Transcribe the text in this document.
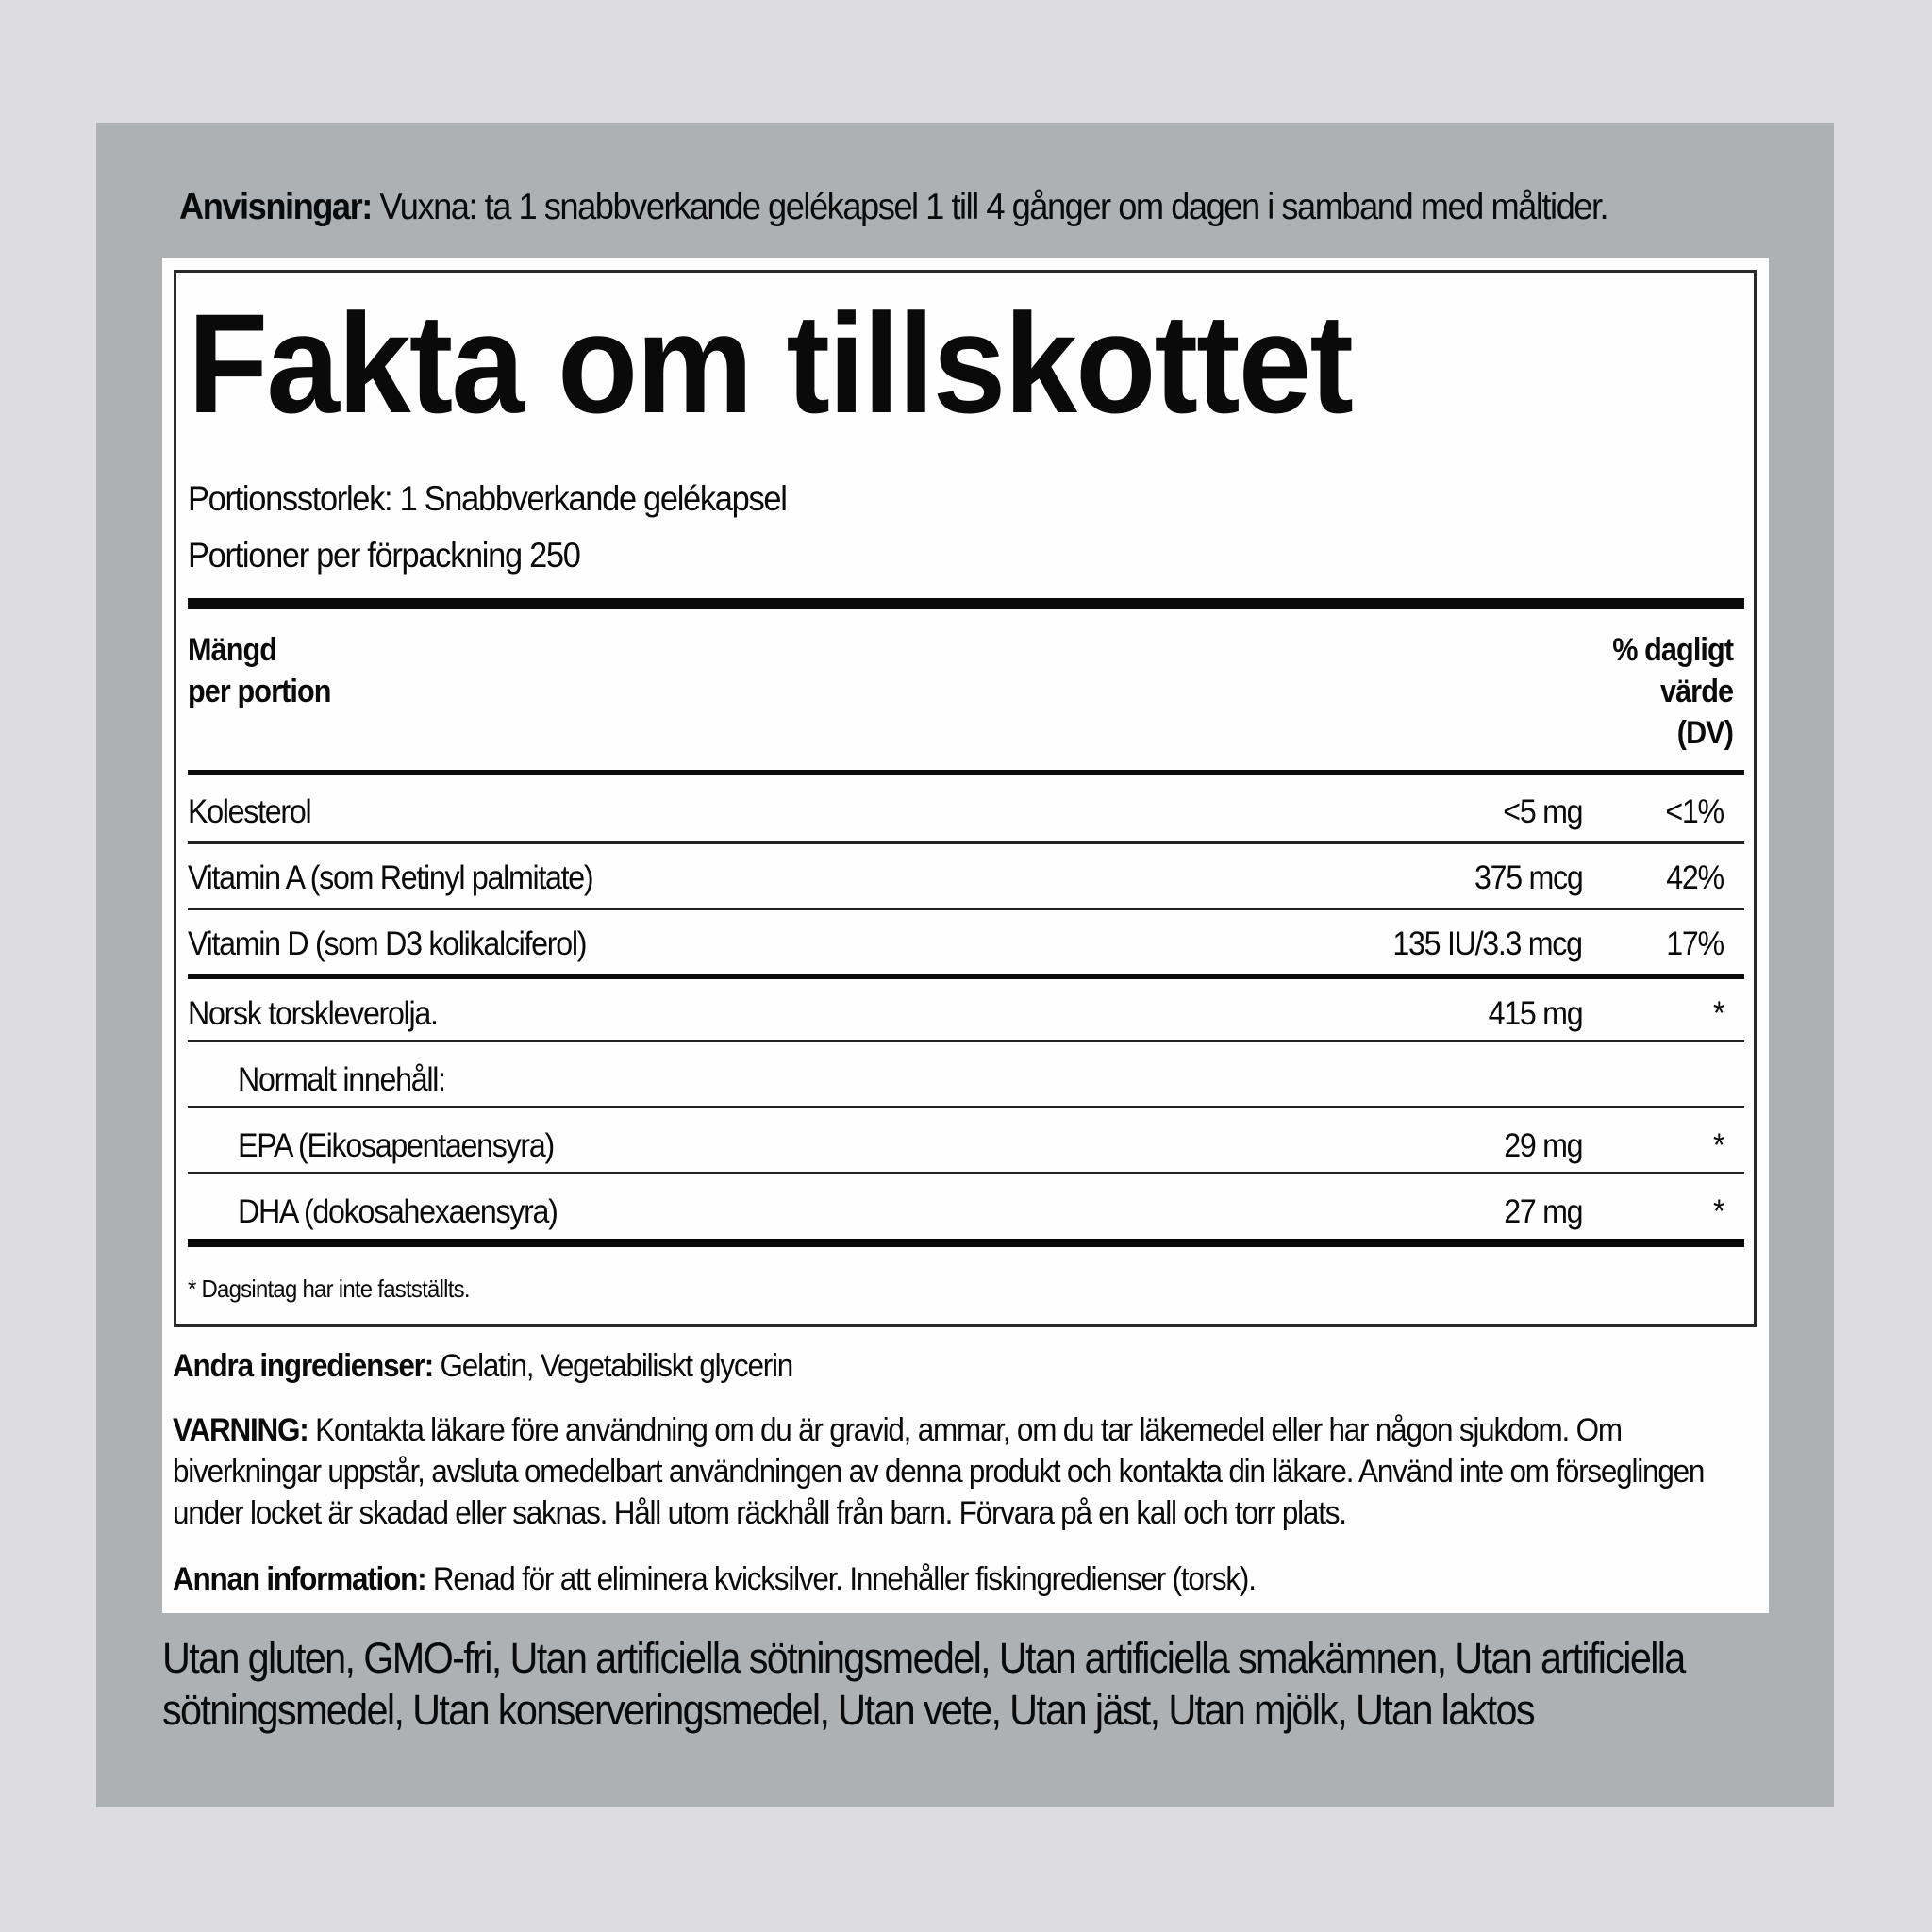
Anvisningar: Vuxna: ta 1 snabbverkande gelékapsel 1 till 4 gånger om dagen i samband med måltider.
Fakta om tillskottet
Portionsstorlek: 1 Snabbverkande gelékapsel
Portioner per förpackning 250
Mängd
per portion
% dagligt
värde
(DV)
Kolesterol	<5 mg	<1%
Vitamin A (som Retinyl palmitate)	375 mcg	42%
Vitamin D (som D3 kolikalciferol)	135 IU/3.3 mcg	17%
Norsk torskleverolja.	415 mg	*
Normalt innehåll:
EPA (Eikosapentaensyra)	29 mg	*
DHA (dokosahexaensyra)	27 mg	*
* Dagsintag har inte fastställts.
Andra ingredienser: Gelatin, Vegetabiliskt glycerin
VARNING: Kontakta läkare före användning om du är gravid, ammar, om du tar läkemedel eller har någon sjukdom. Om biverkningar uppstår, avsluta omedelbart användningen av denna produkt och kontakta din läkare. Använd inte om förseglingen under locket är skadad eller saknas. Håll utom räckhåll från barn. Förvara på en kall och torr plats.
Annan information: Renad för att eliminera kvicksilver. Innehåller fiskingredienser (torsk).
Utan gluten, GMO-fri, Utan artificiella sötningsmedel, Utan artificiella smakämnen, Utan artificiella sötningsmedel, Utan konserveringsmedel, Utan vete, Utan jäst, Utan mjölk, Utan laktos
